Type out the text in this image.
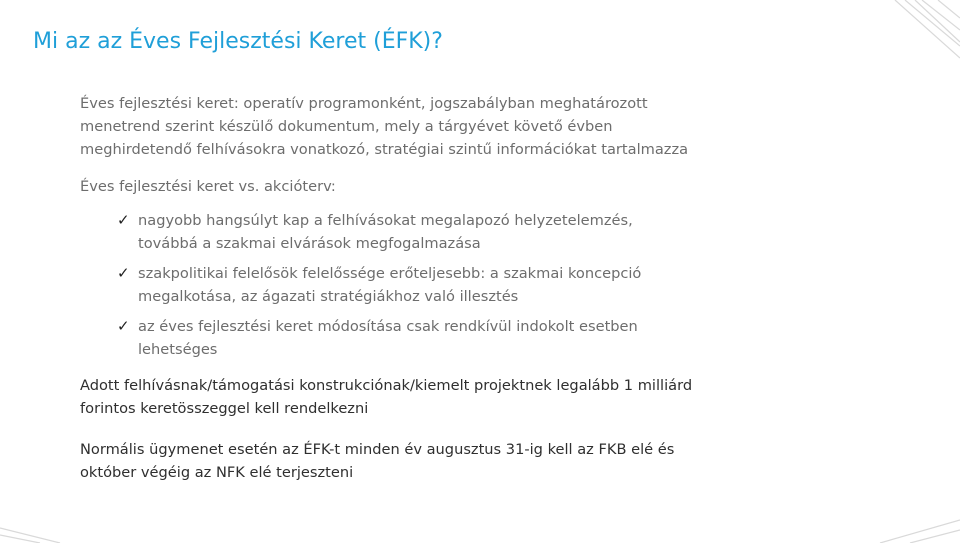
Mi az az Éves Fejlesztési Keret (ÉFK)?

Éves fejlesztési keret: operatív programonként, jogszabályban meghatározott menetrend szerint készülő dokumentum, mely a tárgyévet követő évben meghirdetendő felhívásokra vonatkozó, stratégiai szintű információkat tartalmazza

Éves fejlesztési keret vs. akcióterv:

✓ nagyobb hangsúlyt kap a felhívásokat megalapozó helyzetelemzés, továbbá a szakmai elvárások megfogalmazása
✓ szakpolitikai felelősök felelőssége erőteljesebb: a szakmai koncepció megalkotása, az ágazati stratégiákhoz való illesztés
✓ az éves fejlesztési keret módosítása csak rendkívül indokolt esetben lehetséges

Adott felhívásnak/támogatási konstrukciónak/kiemelt projektnek legalább 1 milliárd forintos keretösszeggel kell rendelkezni

Normális ügymenet esetén az ÉFK-t minden év augusztus 31-ig kell az FKB elé és október végéig az NFK elé terjeszteni
